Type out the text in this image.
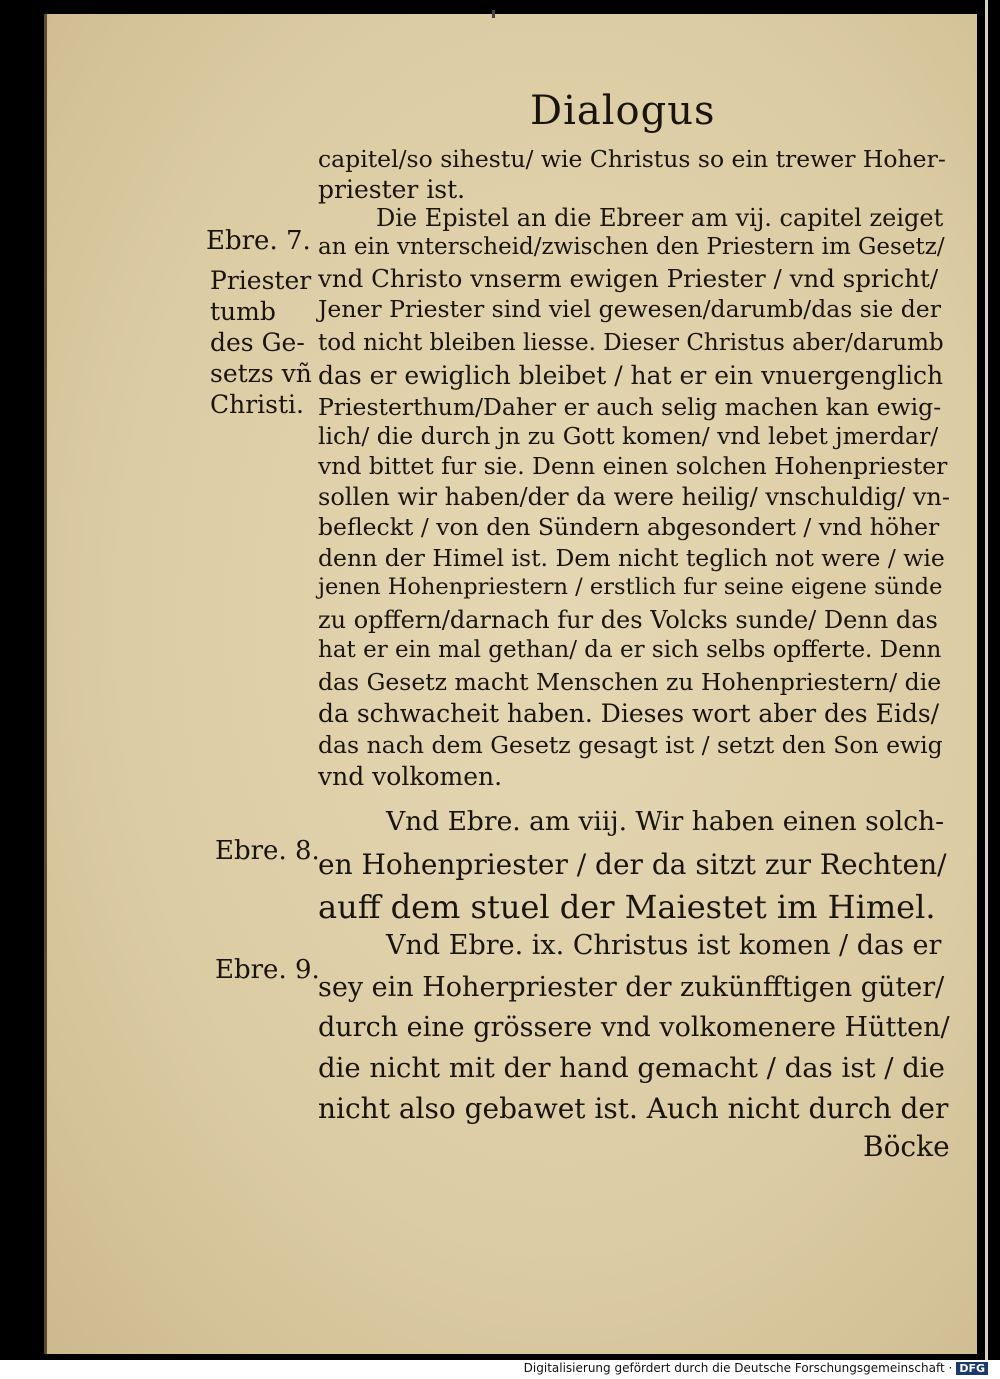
Dialogus
capitel/so sihestu/ wie Christus so ein trewer Hoher-
priester ist.
Die Epistel an die Ebreer am vij. capitel zeiget
an ein vnterscheid/zwischen den Priestern im Gesetz/
vnd Christo vnserm ewigen Priester / vnd spricht/
Jener Priester sind viel gewesen/darumb/das sie der
tod nicht bleiben liesse. Dieser Christus aber/darumb
das er ewiglich bleibet / hat er ein vnuergenglich
Priesterthum/Daher er auch selig machen kan ewig-
lich/ die durch jn zu Gott komen/ vnd lebet jmerdar/
vnd bittet fur sie. Denn einen solchen Hohenpriester
sollen wir haben/der da were heilig/ vnschuldig/ vn-
befleckt / von den Sündern abgesondert / vnd höher
denn der Himel ist. Dem nicht teglich not were / wie
jenen Hohenpriestern / erstlich fur seine eigene sünde
zu opffern/darnach fur des Volcks sunde/ Denn das
hat er ein mal gethan/ da er sich selbs opfferte. Denn
das Gesetz macht Menschen zu Hohenpriestern/ die
da schwacheit haben. Dieses wort aber des Eids/
das nach dem Gesetz gesagt ist / setzt den Son ewig
vnd volkomen.
Vnd Ebre. am viij. Wir haben einen solch-
en Hohenpriester / der da sitzt zur Rechten/
auff dem stuel der Maiestet im Himel.
Vnd Ebre. ix. Christus ist komen / das er
sey ein Hoherpriester der zukünfftigen güter/
durch eine grössere vnd volkomenere Hütten/
die nicht mit der hand gemacht / das ist / die
nicht also gebawet ist. Auch nicht durch der
Böcke
Ebre. 7.
Priester
tumb
des Ge-
setzs vñ
Christi.
Ebre. 8.
Ebre. 9.
Digitalisierung gefördert durch die Deutsche Forschungsgemeinschaft · DFG
